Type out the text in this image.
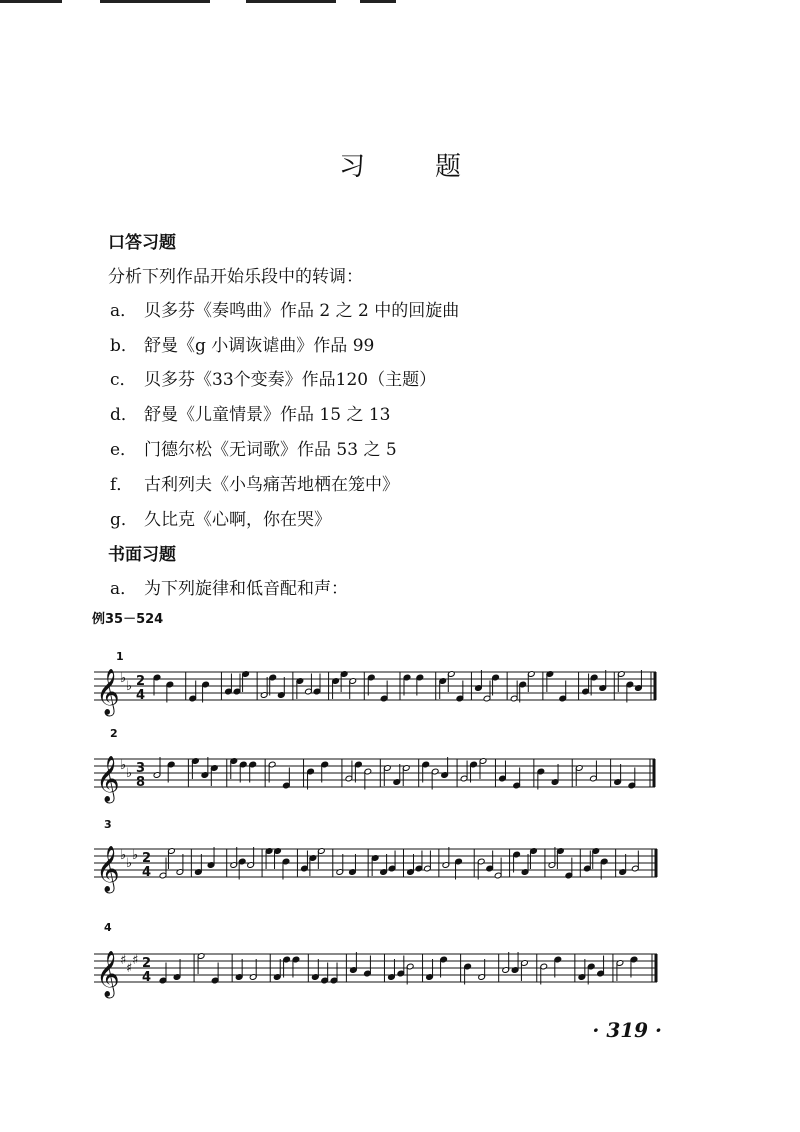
习	题
口答习题
分析下列作品开始乐段中的转调：
a． 贝多芬《奏鸣曲》作品 2 之 2 中的回旋曲
b． 舒曼《g 小调诙谑曲》作品 99
c． 贝多芬《33个变奏》作品120（主题）
d． 舒曼《儿童情景》作品 15 之 13
e． 门德尔松《无词歌》作品 53 之 5
f． 古利列夫《小鸟痛苦地栖在笼中》
g． 久比克《心啊，你在哭》
书面习题
a． 为下列旋律和低音配和声：
例35－524
1
2
3
4
𝄞 ♭
♭ 2
4
𝄞 ♭
♭ 3
8
𝄞 ♭
♭
♭ 2
4
𝄞 ♯
♯
♯ 2
4
· 319 ·
